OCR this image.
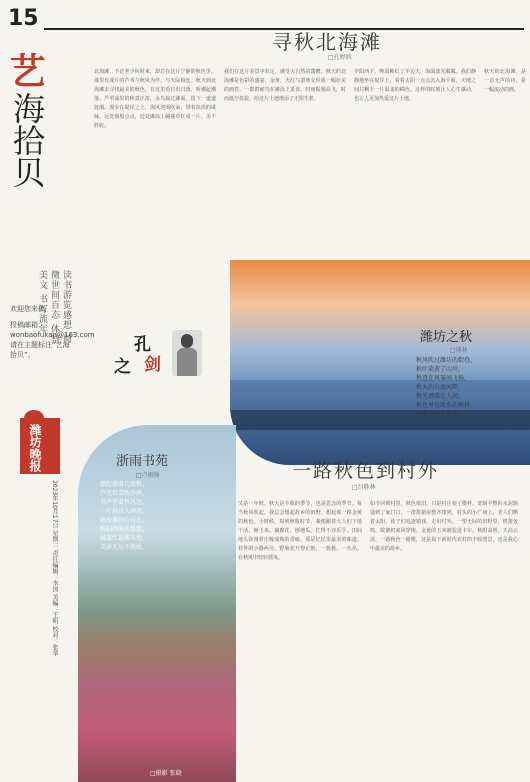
15
艺
海拾贝
读书游览感想 阅微世间百态 体察美文 书写流年
欢迎您来稿
投稿邮箱：
wonbaofukan@163.com
请在主题标注“艺海拾贝”。
寻秋北海滩
□孔婷欣
北海滩，不论老少何时来，却总在这片宁静的秋色里。那里有成片的芦苇与秋风为伴，与天际相连。秋天到北海滩去寻找最美的秋色，在这里看日出日落，听潮起潮落。芦苇荡里的秋意正浓，水鸟掠过湖面，留下一道道涟漪。漫步在堤岸之上，海风迎面吹来，带着淡淡的咸味。远处渔船点点，近处滩涂上碱蓬草红成一片，美不胜收。
我们在这片美景中驻足，感受大自然的馈赠。秋天的北海滩是色彩的盛宴，金黄、火红与湛蓝交织成一幅壮美的画卷。一群群候鸟在滩涂上觅食，时而振翅高飞，时而低空盘旋，给这片土地增添了无限生机。
夕阳西下，晚霞映红了半边天，海面波光粼粼。我们静静地坐在堤岸上，看着太阳一点点沉入海平面，天地之间只剩下一片温柔的橘色。这样的时刻让人心生感动，也让人更加热爱这片土地。
秋天的北海滩，是一首无声的诗，是一幅流动的画。
孔
之 剑
潍坊之秋
□博林
秋风吹过潍坊的街巷，
秋叶染黄了山川，
秋意在风筝间飞扬，
秋天的白浪河畔，
秋光洒落在人间，
秋色里是故乡的模样，
秋歌声声入梦来。
潍坊晚报
2023年10月17日 星期二 责任编辑：李国 美编：王明 校对：张华
浙雨书苑
□卢振扬
潮起潮落几度秋，
芦花似雪映沙洲。
书声伴着秋风远，
一叶扁舟入画流。
沧海桑田心自在，
秋阳西照水悠悠。
碱蓬红遍滩头地，
美景无边不胜收。
□摄影 张晓
一路秋色到村外
□吕胜林
又是一年秋。秋天是丰收的季节，也是思念的季节。每当秋风吹起，我总会想起故乡的田野，想起那一路金黄的秋色。小时候，每到秋收时节，我便跟着大人们下地干活，掰玉米、摘棉花、刨地瓜，忙得不亦乐乎。田间地头弥漫着庄稼成熟的香味，那是记忆里最美的味道。村外的小路两旁，野菊花开得正艳，一簇簇、一丛丛，在秋风中轻轻摇曳。
如今回到村里，秋色依旧，只是村庄变了模样。宽阔平整的水泥路通到了家门口，一排排新房整齐排列，村头的小广场上，老人们晒着太阳，孩子们追逐嬉戏。走出村外，一望无际的田野里，机器轰鸣，收割机来回穿梭，金黄的玉米被装进卡车。秋阳高照，天高云淡，一路秋色一路歌，这是属于新时代农村的丰收图景，也是我心中最美的故乡。
